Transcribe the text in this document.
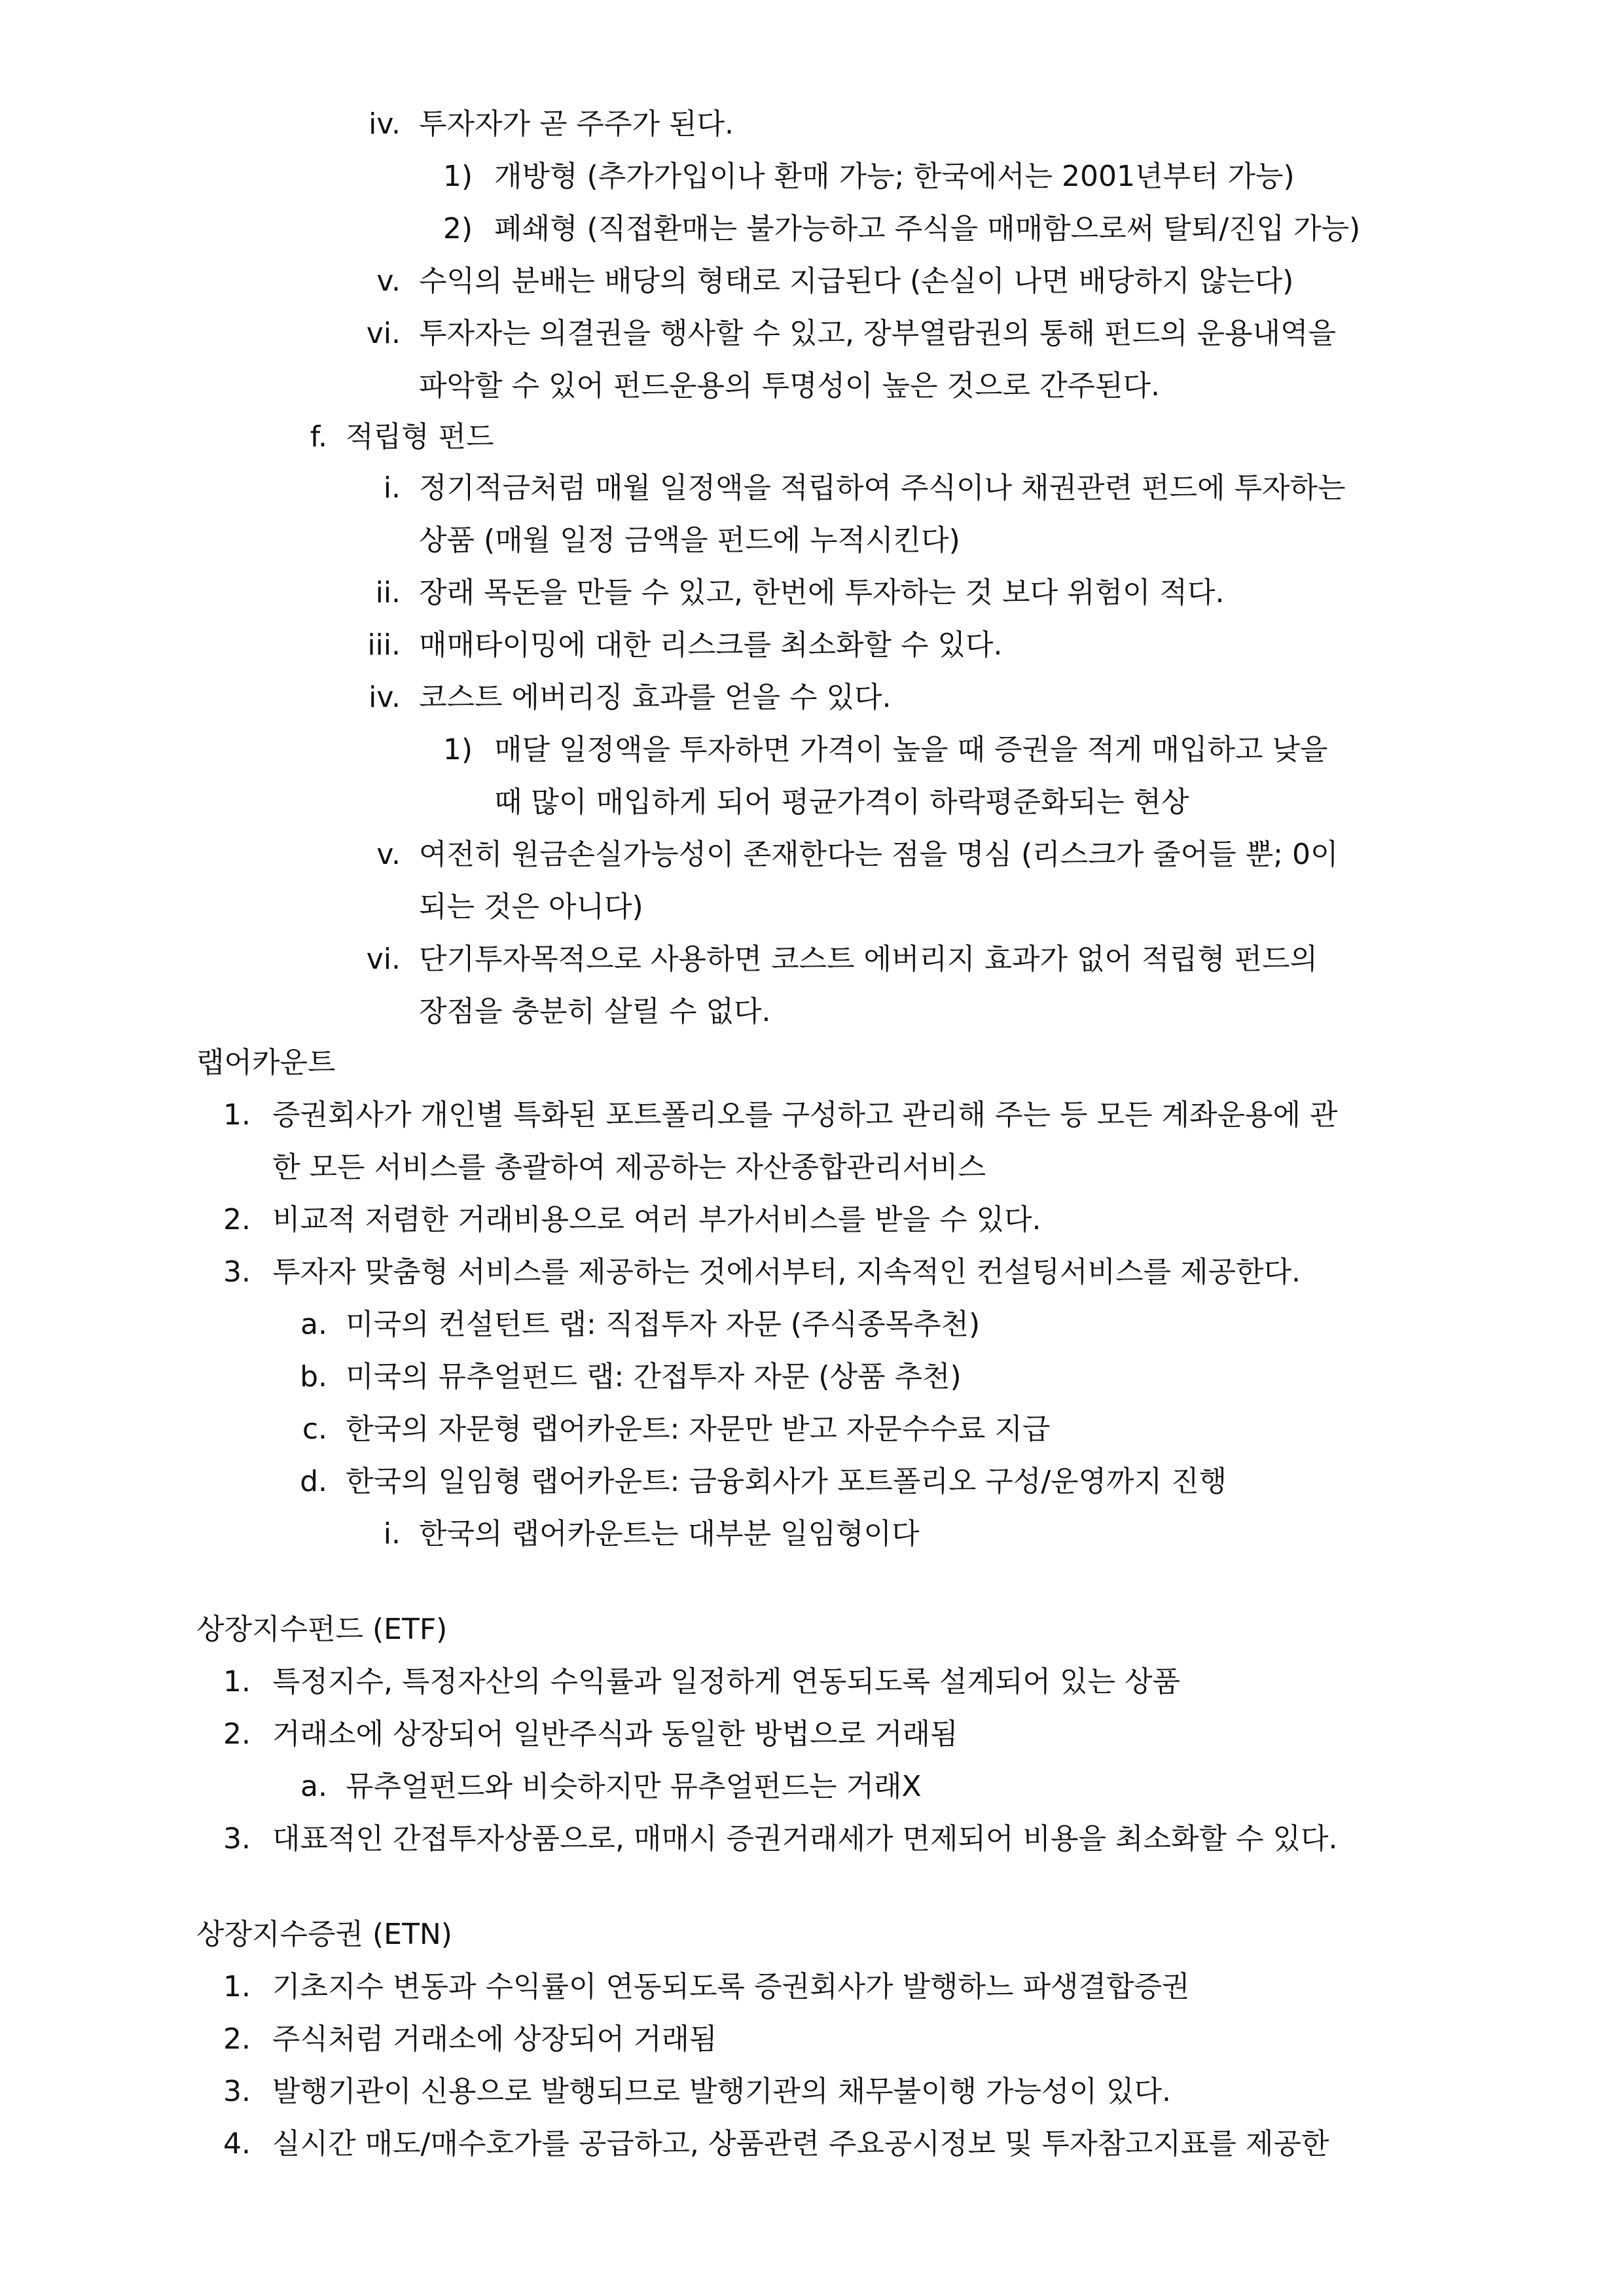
iv. 투자자가 곧 주주가 된다.
1) 개방형 (추가가입이나 환매 가능; 한국에서는 2001년부터 가능)
2) 폐쇄형 (직접환매는 불가능하고 주식을 매매함으로써 탈퇴/진입 가능)
v. 수익의 분배는 배당의 형태로 지급된다 (손실이 나면 배당하지 않는다)
vi. 투자자는 의결권을 행사할 수 있고, 장부열람권의 통해 펀드의 운용내역을
파악할 수 있어 펀드운용의 투명성이 높은 것으로 간주된다.
f. 적립형 펀드
i. 정기적금처럼 매월 일정액을 적립하여 주식이나 채권관련 펀드에 투자하는
상품 (매월 일정 금액을 펀드에 누적시킨다)
ii. 장래 목돈을 만들 수 있고, 한번에 투자하는 것 보다 위험이 적다.
iii. 매매타이밍에 대한 리스크를 최소화할 수 있다.
iv. 코스트 에버리징 효과를 얻을 수 있다.
1) 매달 일정액을 투자하면 가격이 높을 때 증권을 적게 매입하고 낮을
때 많이 매입하게 되어 평균가격이 하락평준화되는 현상
v. 여전히 원금손실가능성이 존재한다는 점을 명심 (리스크가 줄어들 뿐; 0이
되는 것은 아니다)
vi. 단기투자목적으로 사용하면 코스트 에버리지 효과가 없어 적립형 펀드의
장점을 충분히 살릴 수 없다.
랩어카운트
1. 증권회사가 개인별 특화된 포트폴리오를 구성하고 관리해 주는 등 모든 계좌운용에 관
한 모든 서비스를 총괄하여 제공하는 자산종합관리서비스
2. 비교적 저렴한 거래비용으로 여러 부가서비스를 받을 수 있다.
3. 투자자 맞춤형 서비스를 제공하는 것에서부터, 지속적인 컨설팅서비스를 제공한다.
a. 미국의 컨설턴트 랩: 직접투자 자문 (주식종목추천)
b. 미국의 뮤추얼펀드 랩: 간접투자 자문 (상품 추천)
c. 한국의 자문형 랩어카운트: 자문만 받고 자문수수료 지급
d. 한국의 일임형 랩어카운트: 금융회사가 포트폴리오 구성/운영까지 진행
i. 한국의 랩어카운트는 대부분 일임형이다
상장지수펀드 (ETF)
1. 특정지수, 특정자산의 수익률과 일정하게 연동되도록 설계되어 있는 상품
2. 거래소에 상장되어 일반주식과 동일한 방법으로 거래됨
a. 뮤추얼펀드와 비슷하지만 뮤추얼펀드는 거래X
3. 대표적인 간접투자상품으로, 매매시 증권거래세가 면제되어 비용을 최소화할 수 있다.
상장지수증권 (ETN)
1. 기초지수 변동과 수익률이 연동되도록 증권회사가 발행하느 파생결합증권
2. 주식처럼 거래소에 상장되어 거래됨
3. 발행기관이 신용으로 발행되므로 발행기관의 채무불이행 가능성이 있다.
4. 실시간 매도/매수호가를 공급하고, 상품관련 주요공시정보 및 투자참고지표를 제공한
